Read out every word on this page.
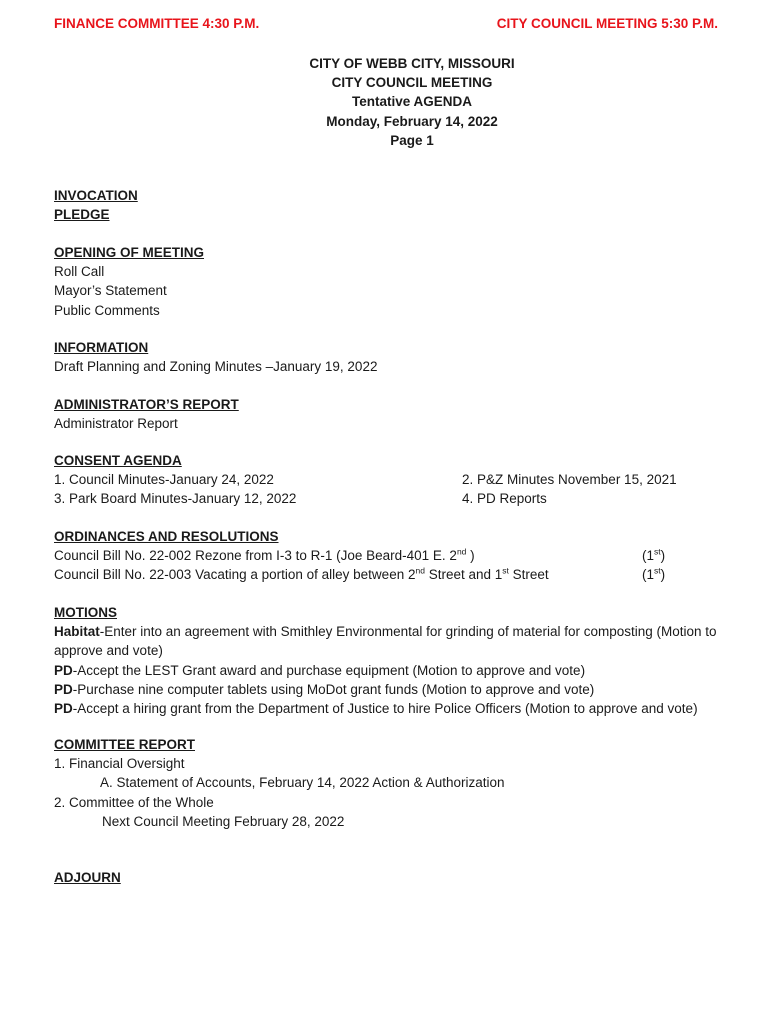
FINANCE COMMITTEE 4:30 P.M.	CITY COUNCIL MEETING 5:30 P.M.
CITY OF WEBB CITY, MISSOURI
CITY COUNCIL MEETING
Tentative AGENDA
Monday, February 14, 2022
Page 1
INVOCATION
PLEDGE
OPENING OF MEETING
Roll Call
Mayor’s Statement
Public Comments
INFORMATION
Draft Planning and Zoning Minutes –January 19, 2022
ADMINISTRATOR’S REPORT
Administrator Report
CONSENT AGENDA
1. Council Minutes-January 24, 2022	2. P&Z Minutes November 15, 2021
3. Park Board Minutes-January 12, 2022	4. PD Reports
ORDINANCES AND RESOLUTIONS
Council Bill No. 22-002 Rezone from I-3 to R-1 (Joe Beard-401 E. 2nd )	(1st)
Council Bill No. 22-003 Vacating a portion of alley between 2nd Street and 1st Street	(1st)
MOTIONS
Habitat-Enter into an agreement with Smithley Environmental for grinding of material for composting (Motion to approve and vote)
PD-Accept the LEST Grant award and purchase equipment (Motion to approve and vote)
PD-Purchase nine computer tablets using MoDot grant funds (Motion to approve and vote)
PD-Accept a hiring grant from the Department of Justice to hire Police Officers (Motion to approve and vote)
COMMITTEE REPORT
1. Financial Oversight
A. Statement of Accounts, February 14, 2022 Action & Authorization
2. Committee of the Whole
Next Council Meeting February 28, 2022
ADJOURN
